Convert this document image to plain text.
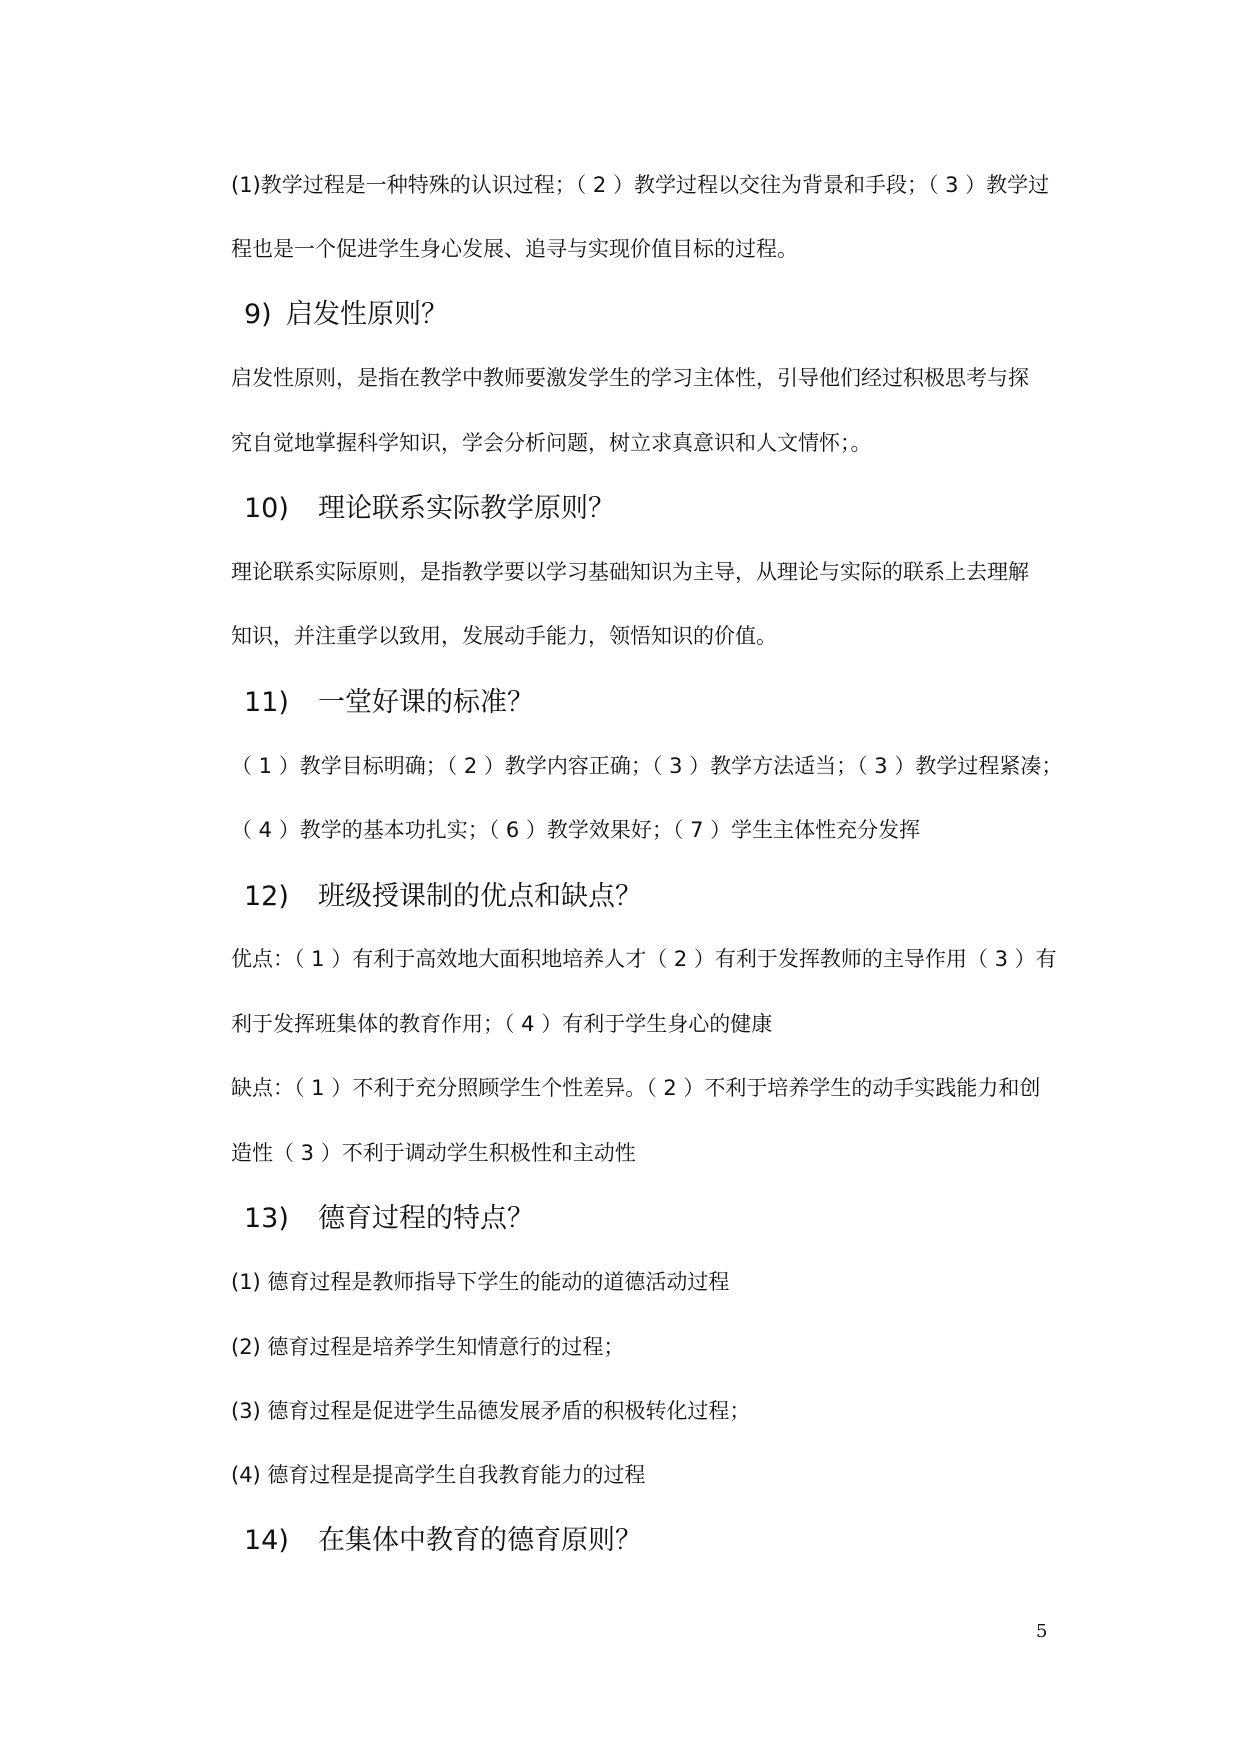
(1)教学过程是一种特殊的认识过程；（ 2 ）教学过程以交往为背景和手段；（ 3 ）教学过
程也是一个促进学生身心发展、追寻与实现价值目标的过程。
9) 启发性原则？
启发性原则，是指在教学中教师要激发学生的学习主体性，引导他们经过积极思考与探
究自觉地掌握科学知识，学会分析问题，树立求真意识和人文情怀；。
10) 理论联系实际教学原则？
理论联系实际原则，是指教学要以学习基础知识为主导，从理论与实际的联系上去理解
知识，并注重学以致用，发展动手能力，领悟知识的价值。
11) 一堂好课的标准？
（ 1 ）教学目标明确；（ 2 ）教学内容正确；（ 3 ）教学方法适当；（ 3 ）教学过程紧凑；
（ 4 ）教学的基本功扎实；（ 6 ）教学效果好；（ 7 ）学生主体性充分发挥
12) 班级授课制的优点和缺点？
优点：（ 1 ）有利于高效地大面积地培养人才（ 2 ）有利于发挥教师的主导作用（ 3 ）有
利于发挥班集体的教育作用；（ 4 ）有利于学生身心的健康
缺点：（ 1 ）不利于充分照顾学生个性差异。（ 2 ）不利于培养学生的动手实践能力和创
造性（ 3 ）不利于调动学生积极性和主动性
13) 德育过程的特点？
(1) 德育过程是教师指导下学生的能动的道德活动过程
(2) 德育过程是培养学生知情意行的过程；
(3) 德育过程是促进学生品德发展矛盾的积极转化过程；
(4) 德育过程是提高学生自我教育能力的过程
14) 在集体中教育的德育原则？
5
